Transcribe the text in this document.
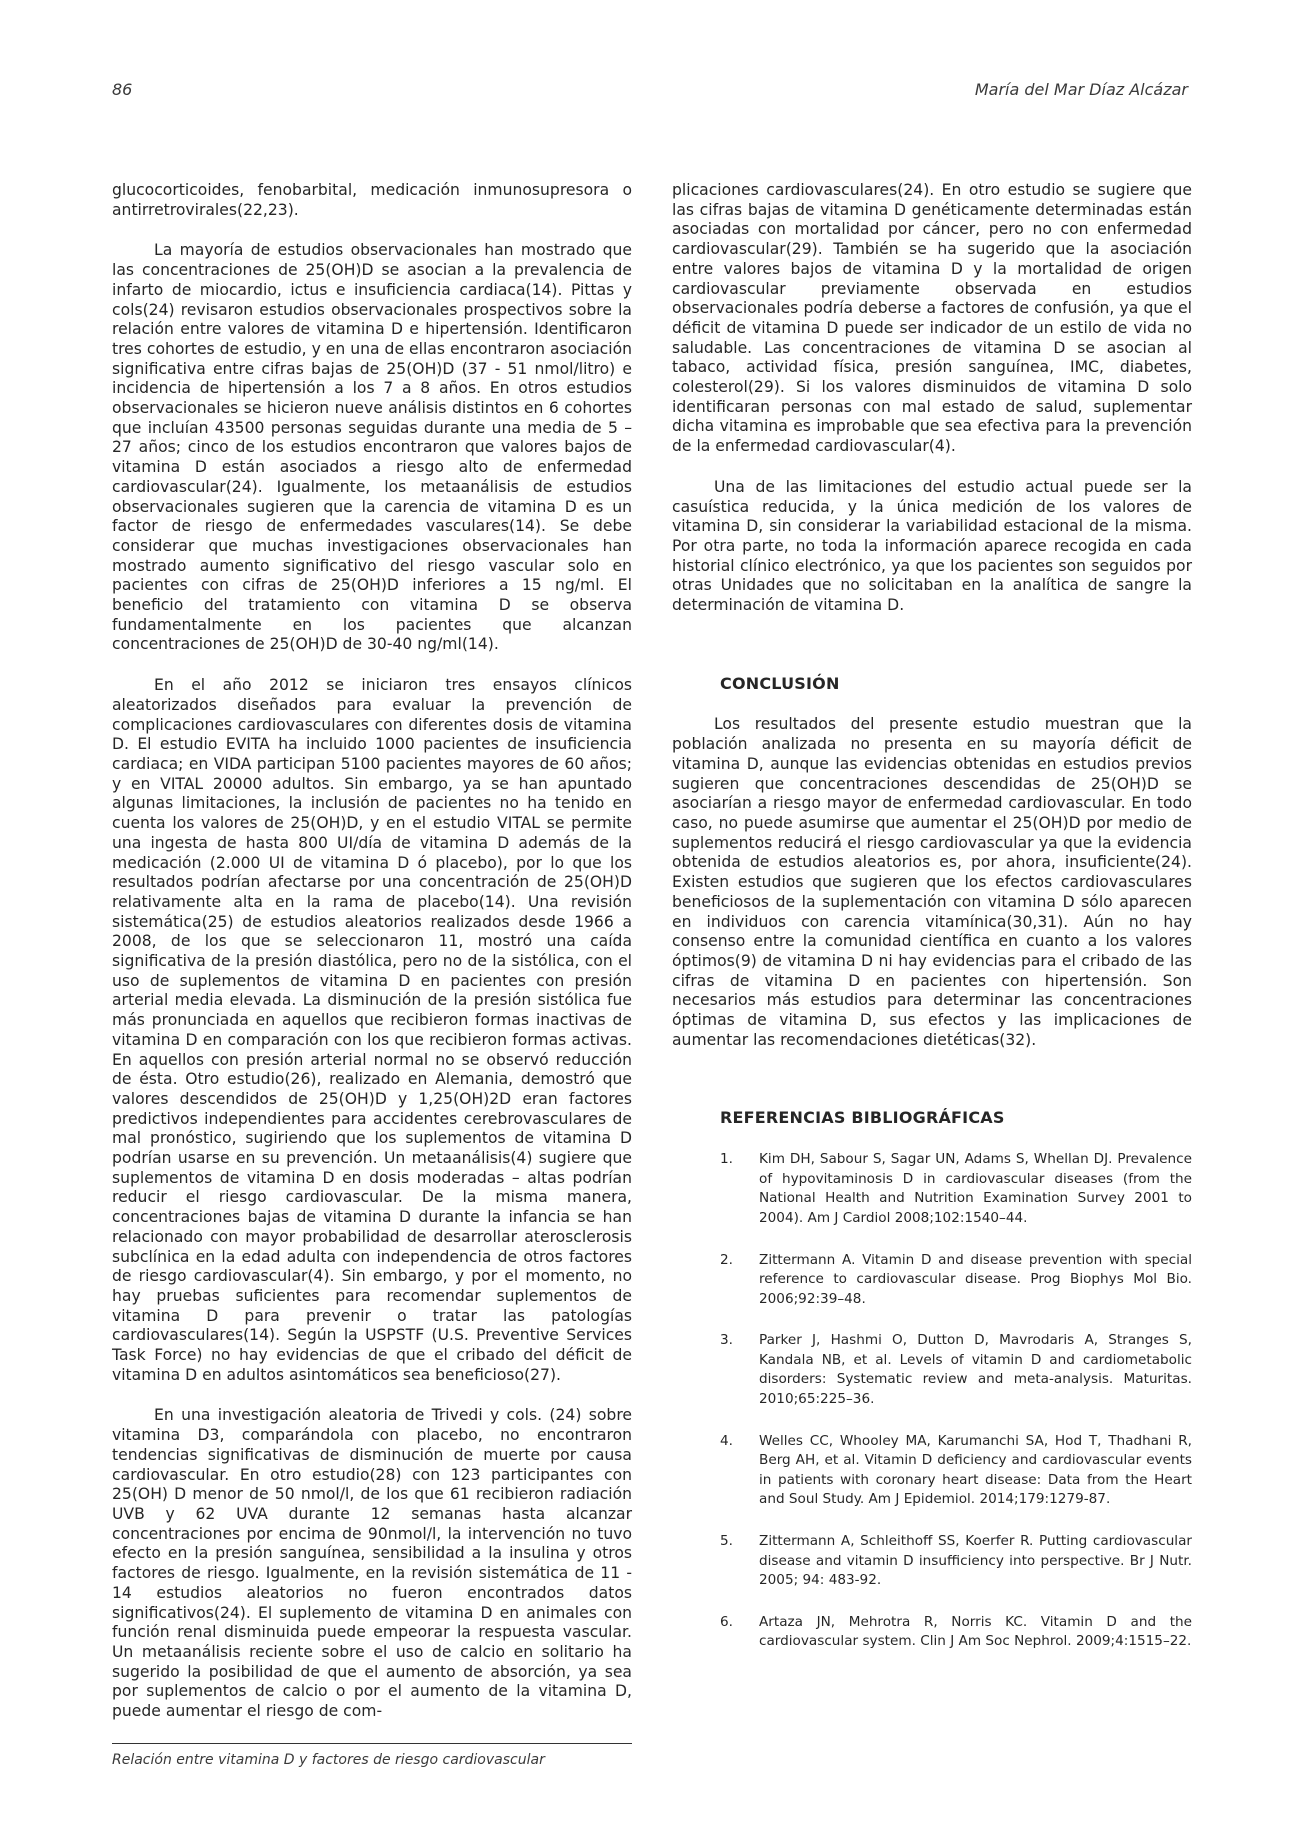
86	María del Mar Díaz Alcázar

glucocorticoides, fenobarbital, medicación inmunosupresora o antirretrovirales(22,23).

La mayoría de estudios observacionales han mostrado que las concentraciones de 25(OH)D se asocian a la prevalencia de infarto de miocardio, ictus e insuficiencia cardiaca(14). Pittas y cols(24) revisaron estudios observacionales prospectivos sobre la relación entre valores de vitamina D e hipertensión. Identificaron tres cohortes de estudio, y en una de ellas encontraron asociación significativa entre cifras bajas de 25(OH)D (37 - 51 nmol/litro) e incidencia de hipertensión a los 7 a 8 años. En otros estudios observacionales se hicieron nueve análisis distintos en 6 cohortes que incluían 43500 personas seguidas durante una media de 5 – 27 años; cinco de los estudios encontraron que valores bajos de vitamina D están asociados a riesgo alto de enfermedad cardiovascular(24). Igualmente, los metaanálisis de estudios observacionales sugieren que la carencia de vitamina D es un factor de riesgo de enfermedades vasculares(14). Se debe considerar que muchas investigaciones observacionales han mostrado aumento significativo del riesgo vascular solo en pacientes con cifras de 25(OH)D inferiores a 15 ng/ml. El beneficio del tratamiento con vitamina D se observa fundamentalmente en los pacientes que alcanzan concentraciones de 25(OH)D de 30-40 ng/ml(14).

En el año 2012 se iniciaron tres ensayos clínicos aleatorizados diseñados para evaluar la prevención de complicaciones cardiovasculares con diferentes dosis de vitamina D. El estudio EVITA ha incluido 1000 pacientes de insuficiencia cardiaca; en VIDA participan 5100 pacientes mayores de 60 años; y en VITAL 20000 adultos. Sin embargo, ya se han apuntado algunas limitaciones, la inclusión de pacientes no ha tenido en cuenta los valores de 25(OH)D, y en el estudio VITAL se permite una ingesta de hasta 800 UI/día de vitamina D además de la medicación (2.000 UI de vitamina D ó placebo), por lo que los resultados podrían afectarse por una concentración de 25(OH)D relativamente alta en la rama de placebo(14). Una revisión sistemática(25) de estudios aleatorios realizados desde 1966 a 2008, de los que se seleccionaron 11, mostró una caída significativa de la presión diastólica, pero no de la sistólica, con el uso de suplementos de vitamina D en pacientes con presión arterial media elevada. La disminución de la presión sistólica fue más pronunciada en aquellos que recibieron formas inactivas de vitamina D en comparación con los que recibieron formas activas. En aquellos con presión arterial normal no se observó reducción de ésta. Otro estudio(26), realizado en Alemania, demostró que valores descendidos de 25(OH)D y 1,25(OH)2D eran factores predictivos independientes para accidentes cerebrovasculares de mal pronóstico, sugiriendo que los suplementos de vitamina D podrían usarse en su prevención. Un metaanálisis(4) sugiere que suplementos de vitamina D en dosis moderadas – altas podrían reducir el riesgo cardiovascular. De la misma manera, concentraciones bajas de vitamina D durante la infancia se han relacionado con mayor probabilidad de desarrollar aterosclerosis subclínica en la edad adulta con independencia de otros factores de riesgo cardiovascular(4). Sin embargo, y por el momento, no hay pruebas suficientes para recomendar suplementos de vitamina D para prevenir o tratar las patologías cardiovasculares(14). Según la USPSTF (U.S. Preventive Services Task Force) no hay evidencias de que el cribado del déficit de vitamina D en adultos asintomáticos sea beneficioso(27).

En una investigación aleatoria de Trivedi y cols. (24) sobre vitamina D3, comparándola con placebo, no encontraron tendencias significativas de disminución de muerte por causa cardiovascular. En otro estudio(28) con 123 participantes con 25(OH) D menor de 50 nmol/l, de los que 61 recibieron radiación UVB y 62 UVA durante 12 semanas hasta alcanzar concentraciones por encima de 90nmol/l, la intervención no tuvo efecto en la presión sanguínea, sensibilidad a la insulina y otros factores de riesgo. Igualmente, en la revisión sistemática de 11 - 14 estudios aleatorios no fueron encontrados datos significativos(24). El suplemento de vitamina D en animales con función renal disminuida puede empeorar la respuesta vascular. Un metaanálisis reciente sobre el uso de calcio en solitario ha sugerido la posibilidad de que el aumento de absorción, ya sea por suplementos de calcio o por el aumento de la vitamina D, puede aumentar el riesgo de com-

plicaciones cardiovasculares(24). En otro estudio se sugiere que las cifras bajas de vitamina D genéticamente determinadas están asociadas con mortalidad por cáncer, pero no con enfermedad cardiovascular(29). También se ha sugerido que la asociación entre valores bajos de vitamina D y la mortalidad de origen cardiovascular previamente observada en estudios observacionales podría deberse a factores de confusión, ya que el déficit de vitamina D puede ser indicador de un estilo de vida no saludable. Las concentraciones de vitamina D se asocian al tabaco, actividad física, presión sanguínea, IMC, diabetes, colesterol(29). Si los valores disminuidos de vitamina D solo identificaran personas con mal estado de salud, suplementar dicha vitamina es improbable que sea efectiva para la prevención de la enfermedad cardiovascular(4).

Una de las limitaciones del estudio actual puede ser la casuística reducida, y la única medición de los valores de vitamina D, sin considerar la variabilidad estacional de la misma. Por otra parte, no toda la información aparece recogida en cada historial clínico electrónico, ya que los pacientes son seguidos por otras Unidades que no solicitaban en la analítica de sangre la determinación de vitamina D.

CONCLUSIÓN

Los resultados del presente estudio muestran que la población analizada no presenta en su mayoría déficit de vitamina D, aunque las evidencias obtenidas en estudios previos sugieren que concentraciones descendidas de 25(OH)D se asociarían a riesgo mayor de enfermedad cardiovascular. En todo caso, no puede asumirse que aumentar el 25(OH)D por medio de suplementos reducirá el riesgo cardiovascular ya que la evidencia obtenida de estudios aleatorios es, por ahora, insuficiente(24). Existen estudios que sugieren que los efectos cardiovasculares beneficiosos de la suplementación con vitamina D sólo aparecen en individuos con carencia vitamínica(30,31). Aún no hay consenso entre la comunidad científica en cuanto a los valores óptimos(9) de vitamina D ni hay evidencias para el cribado de las cifras de vitamina D en pacientes con hipertensión. Son necesarios más estudios para determinar las concentraciones óptimas de vitamina D, sus efectos y las implicaciones de aumentar las recomendaciones dietéticas(32).

REFERENCIAS BIBLIOGRÁFICAS
1.	Kim DH, Sabour S, Sagar UN, Adams S, Whellan DJ. Prevalence of hypovitaminosis D in cardiovascular diseases (from the National Health and Nutrition Examination Survey 2001 to 2004). Am J Cardiol 2008;102:1540–44.
2.	Zittermann A. Vitamin D and disease prevention with special reference to cardiovascular disease. Prog Biophys Mol Bio. 2006;92:39–48.
3.	Parker J, Hashmi O, Dutton D, Mavrodaris A, Stranges S, Kandala NB, et al. Levels of vitamin D and cardiometabolic disorders: Systematic review and meta-analysis. Maturitas. 2010;65:225–36.
4.	Welles CC, Whooley MA, Karumanchi SA, Hod T, Thadhani R, Berg AH, et al. Vitamin D deficiency and cardiovascular events in patients with coronary heart disease: Data from the Heart and Soul Study. Am J Epidemiol. 2014;179:1279-87.
5.	Zittermann A, Schleithoff SS, Koerfer R. Putting cardiovascular disease and vitamin D insufficiency into perspective. Br J Nutr. 2005; 94: 483-92.
6.	Artaza JN, Mehrotra R, Norris KC. Vitamin D and the cardiovascular system. Clin J Am Soc Nephrol. 2009;4:1515–22.
Relación entre vitamina D y factores de riesgo cardiovascular
